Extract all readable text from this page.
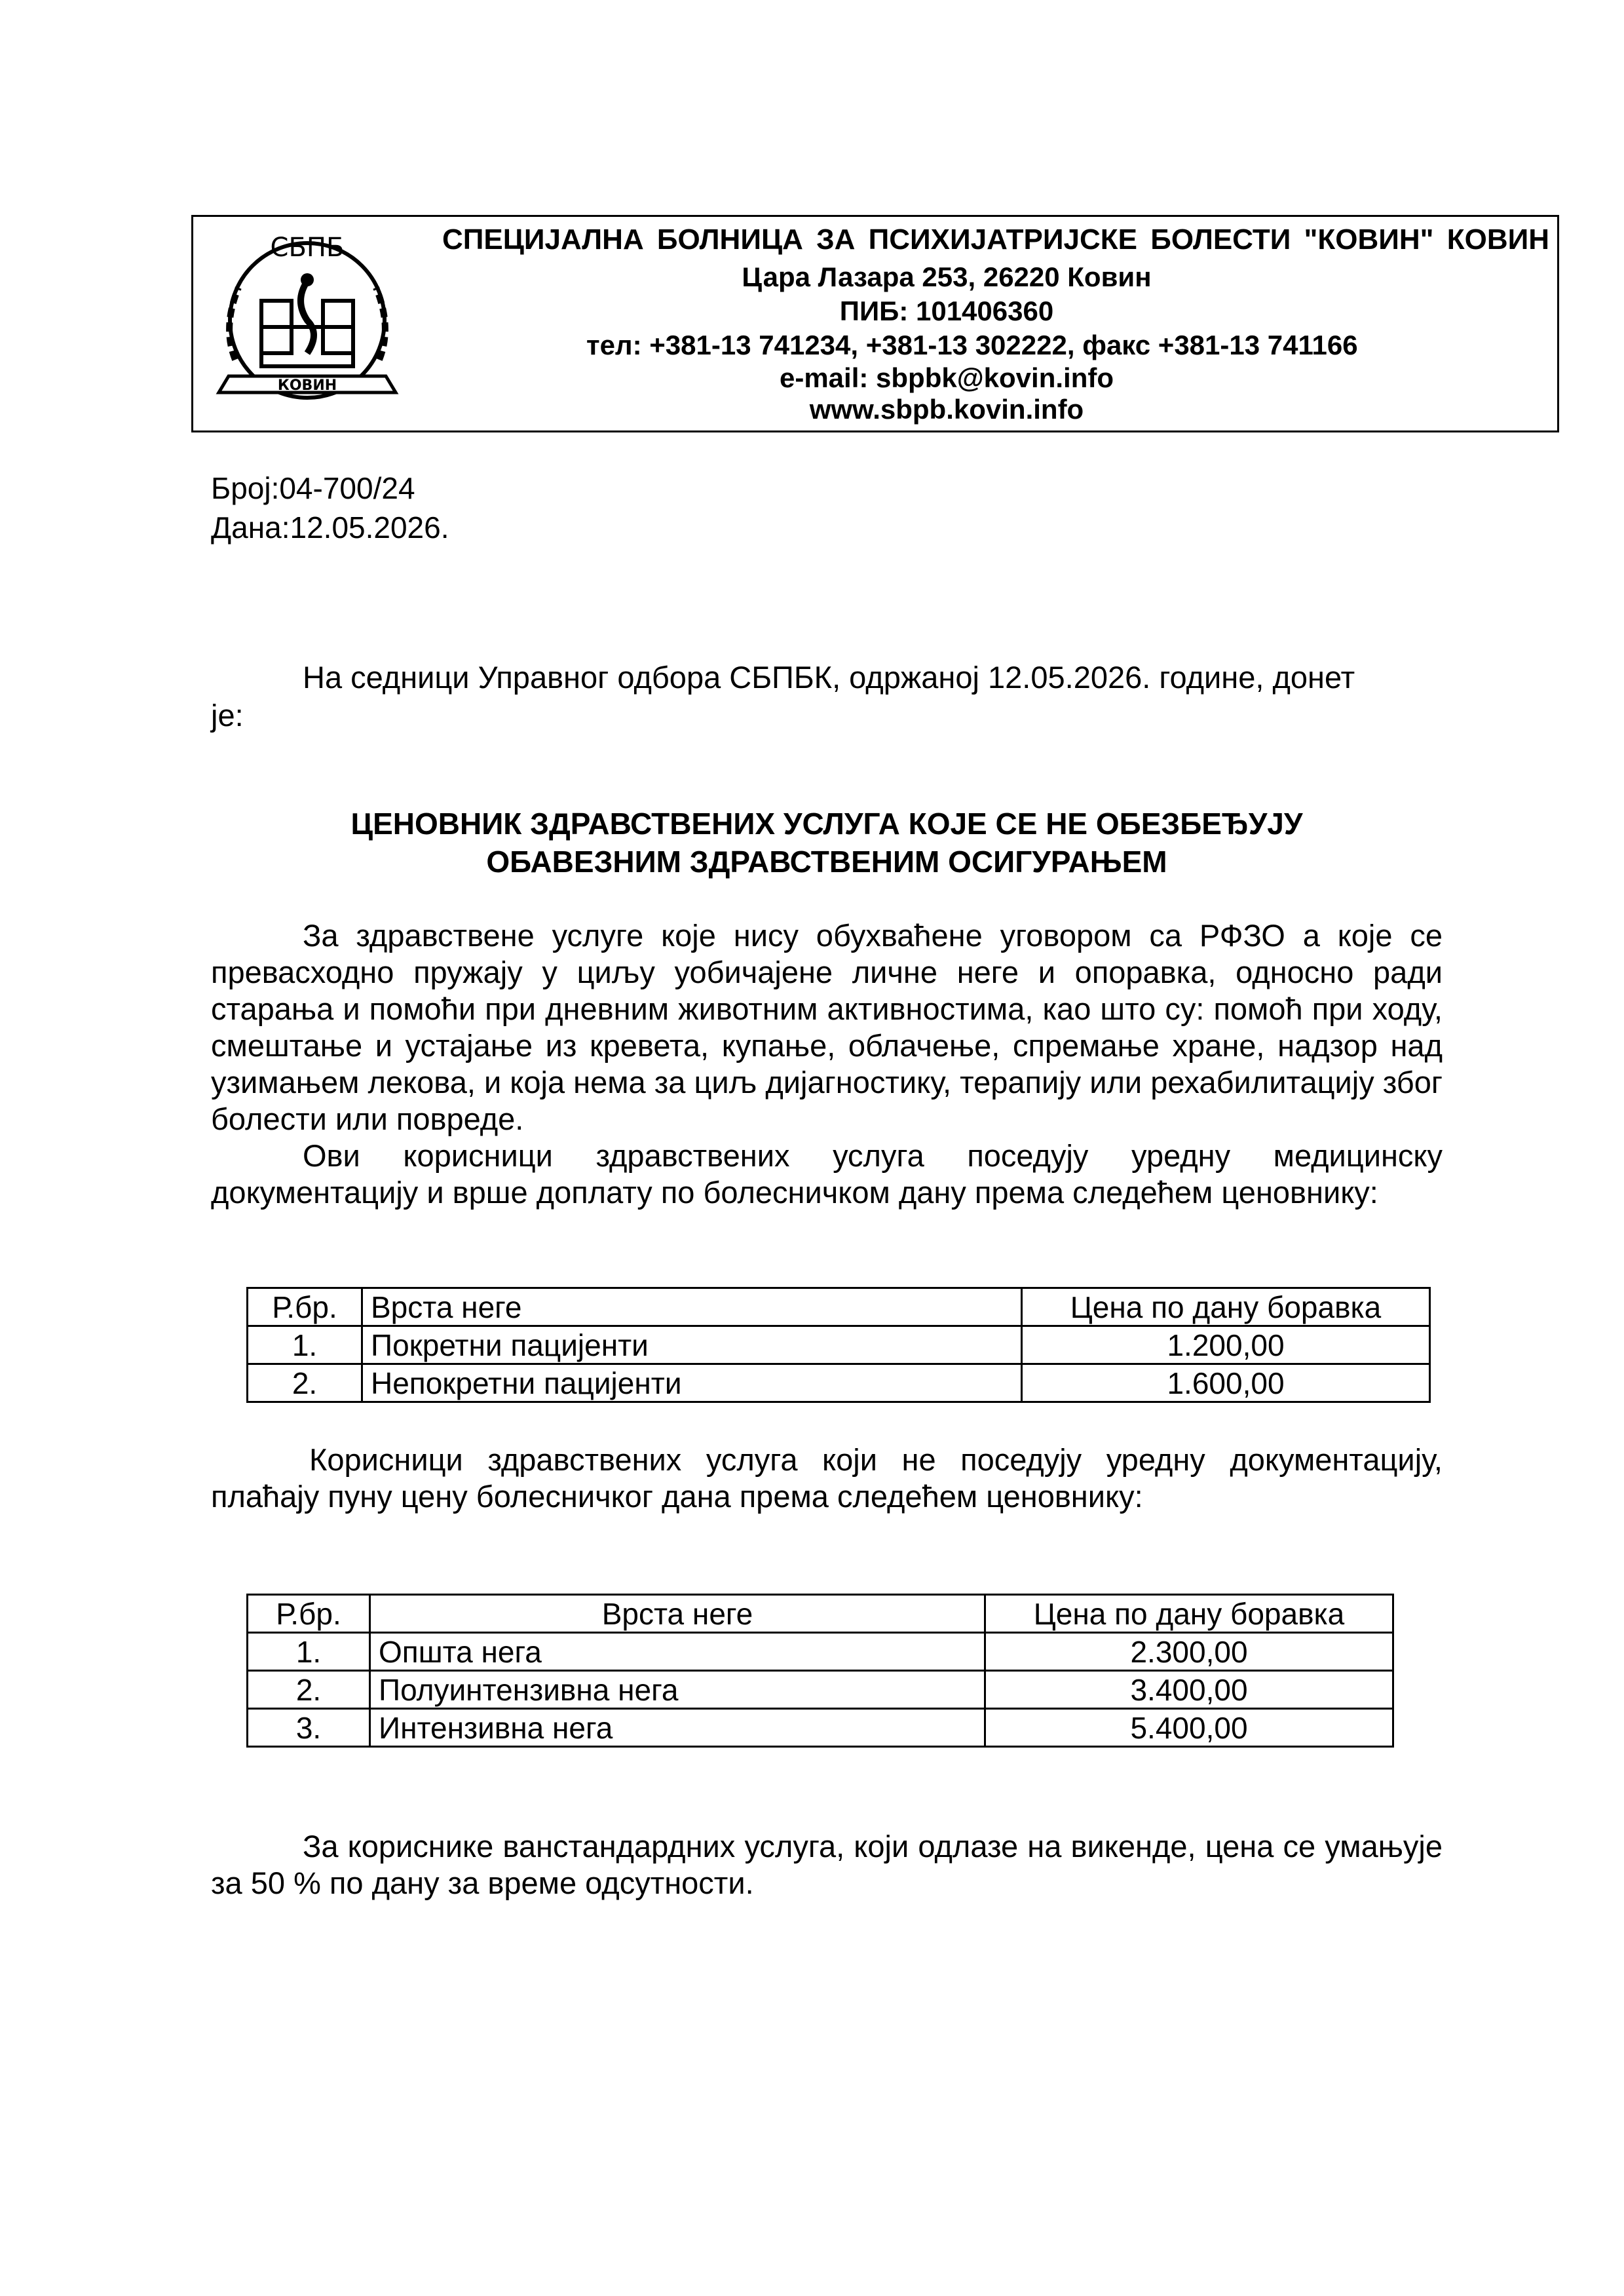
КОВИН
СБПБ	СПЕЦИЈАЛНА БОЛНИЦА ЗА ПСИХИЈАТРИЈСКЕ БОЛЕСТИ "КОВИН" КОВИН
Цара Лазара 253, 26220 Ковин
ПИБ: 101406360
тел: +381-13 741234, +381-13 302222, факс +381-13 741166
e-mail: sbpbk@kovin.info
www.sbpb.kovin.info
Број:04-700/24
Дана:12.05.2026.
На седници Управног одбора СБПБК, одржаној 12.05.2026. године, донет
је:
ЦЕНОВНИК ЗДРАВСТВЕНИХ УСЛУГА КОЈЕ СЕ НЕ ОБЕЗБЕЂУЈУ
ОБАВЕЗНИМ ЗДРАВСТВЕНИМ ОСИГУРАЊЕМ
За здравствене услуге које нису обухваћене уговором са РФЗО а које се превасходно пружају у циљу уобичајене личне неге и опоравка, односно ради старања и помоћи при дневним животним активностима, као што су: помоћ при ходу, смештање и устајање из кревета, купање, облачење, спремање хране, надзор над узимањем лекова, и која нема за циљ дијагностику, терапију или рехабилитацију због болести или повреде.
Ови корисници здравствених услуга поседују уредну медицинску документацију и врше доплату по болесничком дану према следећем ценовнику:
Р.бр.	Врста неге	Цена по дану боравка
1.	Покретни пацијенти	1.200,00
2.	Непокретни пацијенти	1.600,00
Корисници здравствених услуга који не поседују уредну документацију, плаћају пуну цену болесничког дана према следећем ценовнику:
Р.бр.	Врста неге	Цена по дану боравка
1.	Општа нега	2.300,00
2.	Полуинтензивна нега	3.400,00
3.	Интензивна нега	5.400,00
За кориснике ванстандардних услуга, који одлазе на викенде, цена се умањује за 50 % по дану за време одсутности.
